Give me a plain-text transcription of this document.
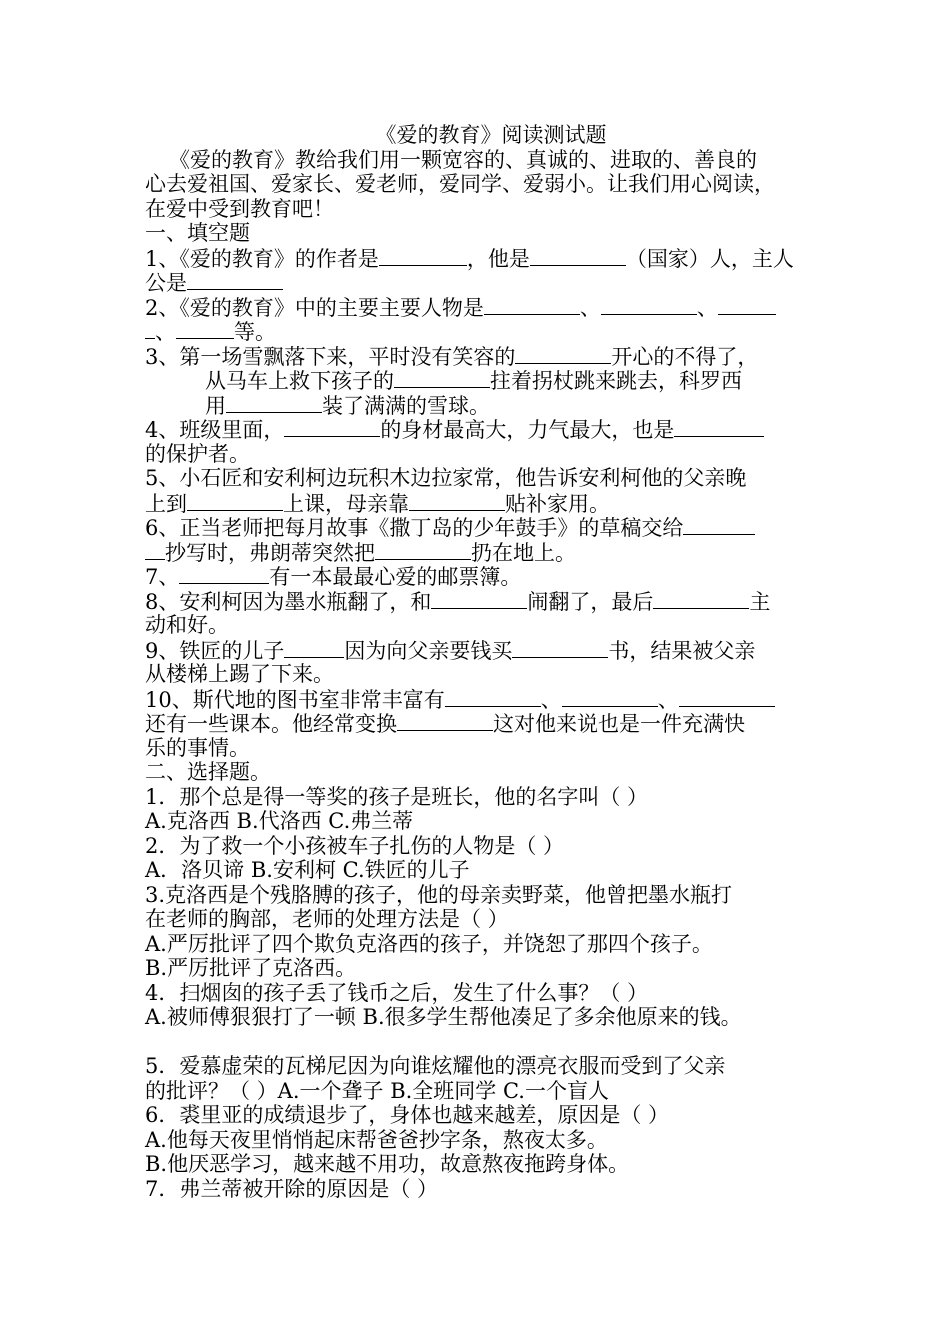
《爱的教育》阅读测试题
《爱的教育》教给我们用一颗宽容的、真诚的、进取的、善良的
心去爱祖国、爱家长、爱老师，爱同学、爱弱小。让我们用心阅读，
在爱中受到教育吧！
一、填空题
1、《爱的教育》的作者是	，他是	（国家）人，主人
公是
2、《爱的教育》中的主要主要人物是	、	、
、	等。
3、第一场雪飘落下来，平时没有笑容的	开心的不得了，
从马车上救下孩子的	拄着拐杖跳来跳去，科罗西
用	装了满满的雪球。
4、班级里面，	的身材最高大，力气最大，也是
的保护者。
5、小石匠和安利柯边玩积木边拉家常，他告诉安利柯他的父亲晚
上到	上课，母亲靠	贴补家用。
6、正当老师把每月故事《撒丁岛的少年鼓手》的草稿交给
抄写时，弗朗蒂突然把	扔在地上。
7、	有一本最最心爱的邮票簿。
8、安利柯因为墨水瓶翻了，和	闹翻了，最后	主
动和好。
9、铁匠的儿子	因为向父亲要钱买	书，结果被父亲
从楼梯上踢了下来。
10、斯代地的图书室非常丰富有	、	、
还有一些课本。他经常变换	这对他来说也是一件充满快
乐的事情。
二、选择题。
1．那个总是得一等奖的孩子是班长，他的名字叫（ ）
A.克洛西 B.代洛西 C.弗兰蒂
2．为了救一个小孩被车子扎伤的人物是（ ）
A．洛贝谛 B.安利柯 C.铁匠的儿子
3.克洛西是个残胳膊的孩子，他的母亲卖野菜，他曾把墨水瓶打
在老师的胸部，老师的处理方法是（ ）
A.严厉批评了四个欺负克洛西的孩子，并饶恕了那四个孩子。
B.严厉批评了克洛西。
4．扫烟囱的孩子丢了钱币之后，发生了什么事？（ ）
A.被师傅狠狠打了一顿 B.很多学生帮他凑足了多余他原来的钱。
5．爱慕虚荣的瓦梯尼因为向谁炫耀他的漂亮衣服而受到了父亲
的批评？（ ）A.一个聋子 B.全班同学 C.一个盲人
6．裘里亚的成绩退步了，身体也越来越差，原因是（ ）
A.他每天夜里悄悄起床帮爸爸抄字条，熬夜太多。
B.他厌恶学习，越来越不用功，故意熬夜拖跨身体。
7．弗兰蒂被开除的原因是（ ）
